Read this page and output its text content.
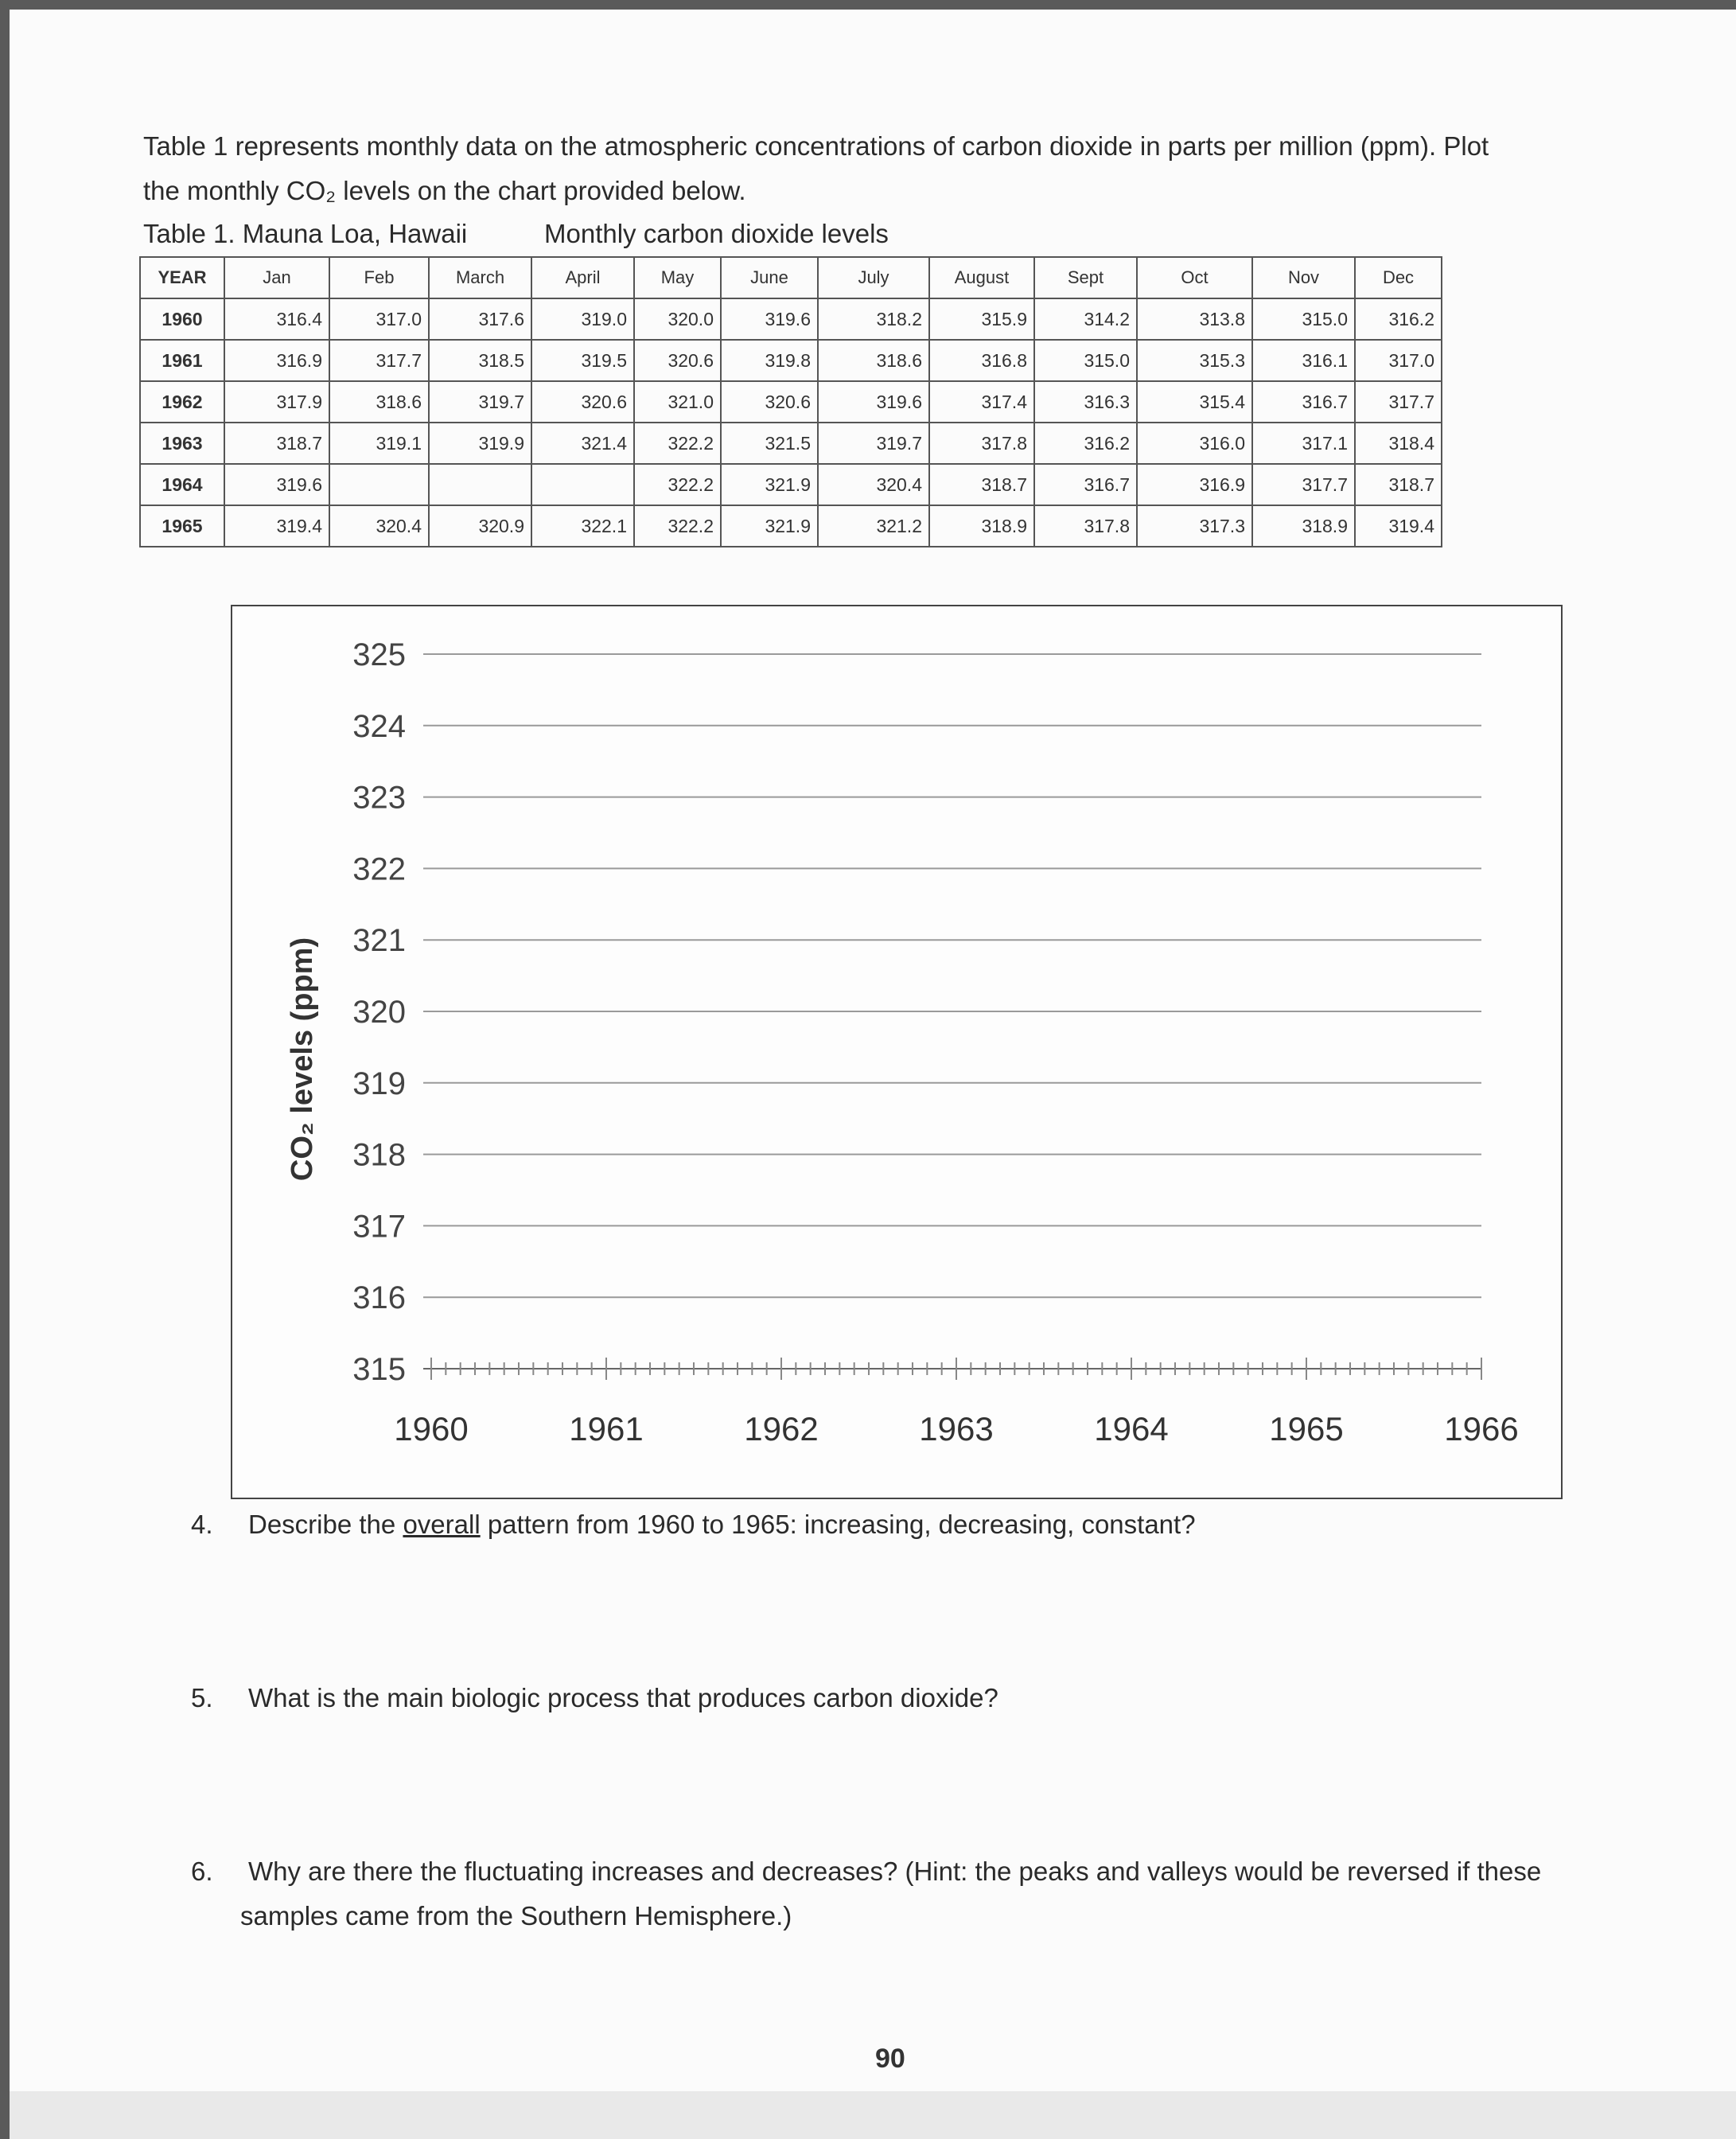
Table 1 represents monthly data on the atmospheric concentrations of carbon dioxide in parts per million (ppm). Plot
the monthly CO₂ levels on the chart provided below.
Table 1. Mauna Loa, Hawaii	Monthly carbon dioxide levels
YEAR	Jan	Feb	March	April	May	June	July	August	Sept	Oct	Nov	Dec
1960	316.4	317.0	317.6	319.0	320.0	319.6	318.2	315.9	314.2	313.8	315.0	316.2
1961	316.9	317.7	318.5	319.5	320.6	319.8	318.6	316.8	315.0	315.3	316.1	317.0
1962	317.9	318.6	319.7	320.6	321.0	320.6	319.6	317.4	316.3	315.4	316.7	317.7
1963	318.7	319.1	319.9	321.4	322.2	321.5	319.7	317.8	316.2	316.0	317.1	318.4
1964	319.6				322.2	321.9	320.4	318.7	316.7	316.9	317.7	318.7
1965	319.4	320.4	320.9	322.1	322.2	321.9	321.2	318.9	317.8	317.3	318.9	319.4
325
324
323
322
321
320
319
318
317
316
315
1960	1961	1962	1963	1964	1965	1966
CO₂ levels (ppm)
4. Describe the overall pattern from 1960 to 1965: increasing, decreasing, constant?
5. What is the main biologic process that produces carbon dioxide?
6. Why are there the fluctuating increases and decreases? (Hint: the peaks and valleys would be reversed if these
samples came from the Southern Hemisphere.)
90
